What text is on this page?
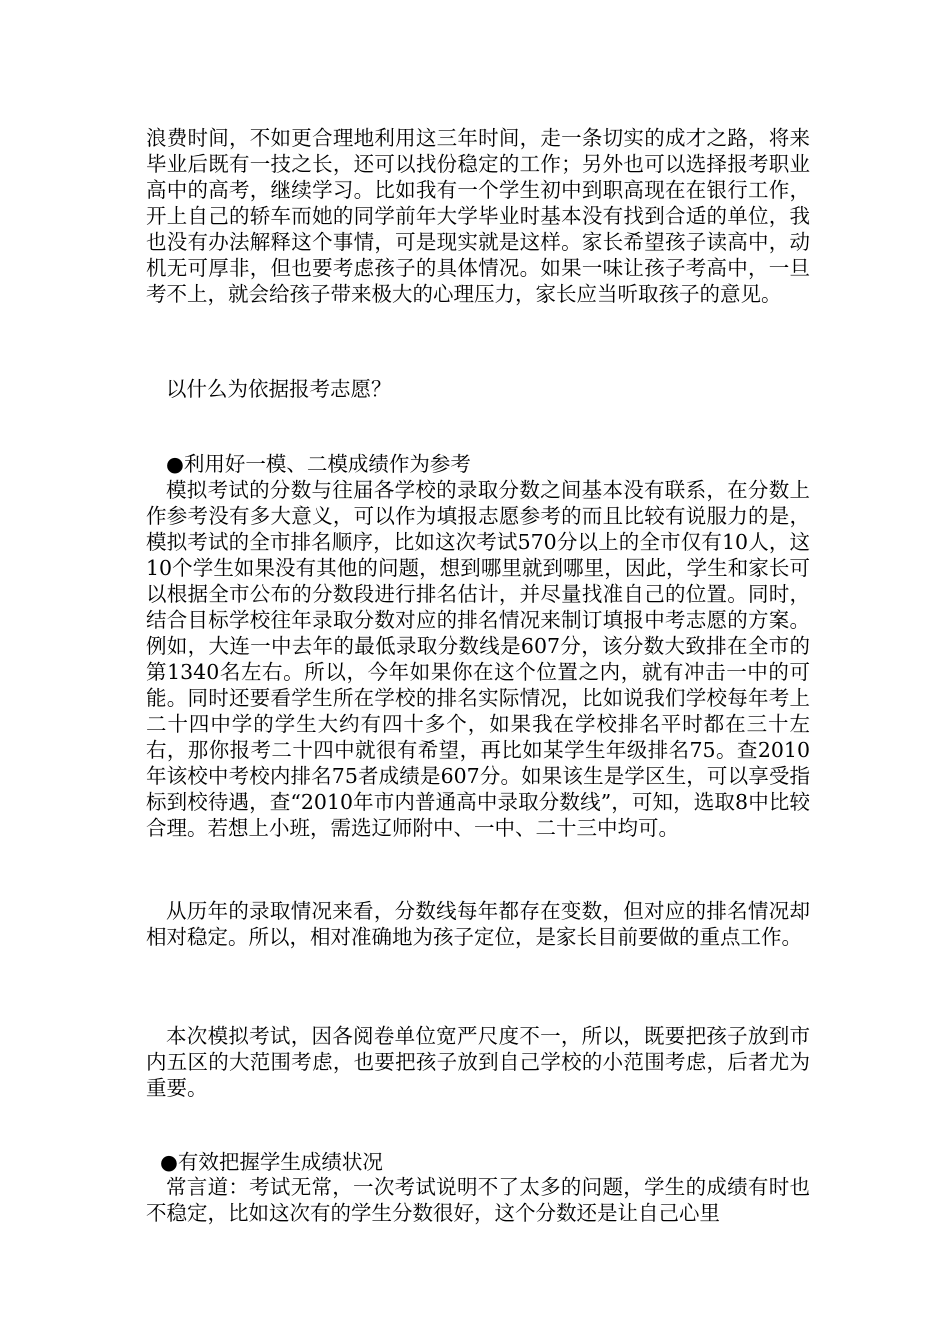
浪费时间，不如更合理地利用这三年时间，走一条切实的成才之路，将来毕业后既有一技之长，还可以找份稳定的工作；另外也可以选择报考职业高中的高考，继续学习。比如我有一个学生初中到职高现在在银行工作，开上自己的轿车而她的同学前年大学毕业时基本没有找到合适的单位，我也没有办法解释这个事情，可是现实就是这样。家长希望孩子读高中，动机无可厚非，但也要考虑孩子的具体情况。如果一味让孩子考高中，一旦考不上，就会给孩子带来极大的心理压力，家长应当听取孩子的意见。

以什么为依据报考志愿？

●利用好一模、二模成绩作为参考

模拟考试的分数与往届各学校的录取分数之间基本没有联系，在分数上作参考没有多大意义，可以作为填报志愿参考的而且比较有说服力的是，模拟考试的全市排名顺序，比如这次考试570分以上的全市仅有10人，这10个学生如果没有其他的问题，想到哪里就到哪里，因此，学生和家长可以根据全市公布的分数段进行排名估计，并尽量找准自己的位置。同时，结合目标学校往年录取分数对应的排名情况来制订填报中考志愿的方案。例如，大连一中去年的最低录取分数线是607分，该分数大致排在全市的第1340名左右。所以，今年如果你在这个位置之内，就有冲击一中的可能。同时还要看学生所在学校的排名实际情况，比如说我们学校每年考上二十四中学的学生大约有四十多个，如果我在学校排名平时都在三十左右，那你报考二十四中就很有希望，再比如某学生年级排名75。查2010年该校中考校内排名75者成绩是607分。如果该生是学区生，可以享受指标到校待遇，查“2010年市内普通高中录取分数线”，可知，选取8中比较合理。若想上小班，需选辽师附中、一中、二十三中均可。

从历年的录取情况来看，分数线每年都存在变数，但对应的排名情况却相对稳定。所以，相对准确地为孩子定位，是家长目前要做的重点工作。

本次模拟考试，因各阅卷单位宽严尺度不一，所以，既要把孩子放到市内五区的大范围考虑，也要把孩子放到自己学校的小范围考虑，后者尤为重要。

●有效把握学生成绩状况

常言道：考试无常，一次考试说明不了太多的问题，学生的成绩有时也不稳定，比如这次有的学生分数很好，这个分数还是让自己心里
